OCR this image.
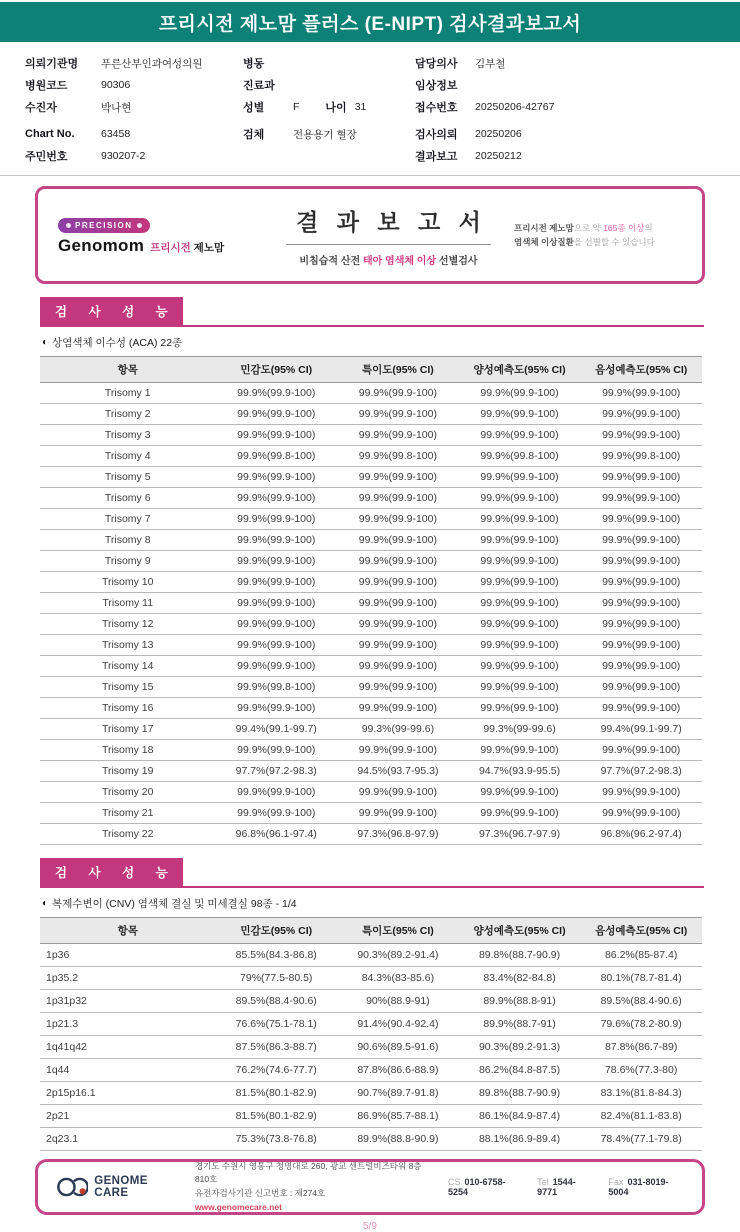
프리시전 제노맘 플러스 (E-NIPT) 검사결과보고서
의뢰기관명	푸른산부인과여성의원
병원코드	90306
수진자	박나현
Chart No.	63458
주민번호	930207-2
병동
진료과
성별	F 나이 31
검체	전용용기 혈장
담당의사	김부철
임상정보
접수번호	20250206-42767
검사의뢰	20250206
결과보고	20250212
PRECISION
Genomom 프리시전 제노맘
결 과 보 고 서
비침습적 산전 태아 염색체 이상 선별검사
프리시전 제노맘으로 약 165종 이상의
염색체 이상질환을 선별할 수 있습니다
검 사 성 능
◐ 상염색체 이수성 (ACA) 22종
항목	민감도(95% CI)	특이도(95% CI)	양성예측도(95% CI)	음성예측도(95% CI)
Trisomy 1	99.9%(99.9-100)	99.9%(99.9-100)	99.9%(99.9-100)	99.9%(99.9-100)
Trisomy 2	99.9%(99.9-100)	99.9%(99.9-100)	99.9%(99.9-100)	99.9%(99.9-100)
Trisomy 3	99.9%(99.9-100)	99.9%(99.9-100)	99.9%(99.9-100)	99.9%(99.9-100)
Trisomy 4	99.9%(99.8-100)	99.9%(99.8-100)	99.9%(99.8-100)	99.9%(99.8-100)
Trisomy 5	99.9%(99.9-100)	99.9%(99.9-100)	99.9%(99.9-100)	99.9%(99.9-100)
Trisomy 6	99.9%(99.9-100)	99.9%(99.9-100)	99.9%(99.9-100)	99.9%(99.9-100)
Trisomy 7	99.9%(99.9-100)	99.9%(99.9-100)	99.9%(99.9-100)	99.9%(99.9-100)
Trisomy 8	99.9%(99.9-100)	99.9%(99.9-100)	99.9%(99.9-100)	99.9%(99.9-100)
Trisomy 9	99.9%(99.9-100)	99.9%(99.9-100)	99.9%(99.9-100)	99.9%(99.9-100)
Trisomy 10	99.9%(99.9-100)	99.9%(99.9-100)	99.9%(99.9-100)	99.9%(99.9-100)
Trisomy 11	99.9%(99.9-100)	99.9%(99.9-100)	99.9%(99.9-100)	99.9%(99.9-100)
Trisomy 12	99.9%(99.9-100)	99.9%(99.9-100)	99.9%(99.9-100)	99.9%(99.9-100)
Trisomy 13	99.9%(99.9-100)	99.9%(99.9-100)	99.9%(99.9-100)	99.9%(99.9-100)
Trisomy 14	99.9%(99.9-100)	99.9%(99.9-100)	99.9%(99.9-100)	99.9%(99.9-100)
Trisomy 15	99.9%(99.8-100)	99.9%(99.9-100)	99.9%(99.9-100)	99.9%(99.9-100)
Trisomy 16	99.9%(99.9-100)	99.9%(99.9-100)	99.9%(99.9-100)	99.9%(99.9-100)
Trisomy 17	99.4%(99.1-99.7)	99.3%(99-99.6)	99.3%(99-99.6)	99.4%(99.1-99.7)
Trisomy 18	99.9%(99.9-100)	99.9%(99.9-100)	99.9%(99.9-100)	99.9%(99.9-100)
Trisomy 19	97.7%(97.2-98.3)	94.5%(93.7-95.3)	94.7%(93.9-95.5)	97.7%(97.2-98.3)
Trisomy 20	99.9%(99.9-100)	99.9%(99.9-100)	99.9%(99.9-100)	99.9%(99.9-100)
Trisomy 21	99.9%(99.9-100)	99.9%(99.9-100)	99.9%(99.9-100)	99.9%(99.9-100)
Trisomy 22	96.8%(96.1-97.4)	97.3%(96.8-97.9)	97.3%(96.7-97.9)	96.8%(96.2-97.4)
검 사 성 능
◐ 복제수변이 (CNV) 염색체 결실 및 미세결실 98종 - 1/4
항목	민감도(95% CI)	특이도(95% CI)	양성예측도(95% CI)	음성예측도(95% CI)
1p36	85.5%(84.3-86.8)	90.3%(89.2-91.4)	89.8%(88.7-90.9)	86.2%(85-87.4)
1p35.2	79%(77.5-80.5)	84.3%(83-85.6)	83.4%(82-84.8)	80.1%(78.7-81.4)
1p31p32	89.5%(88.4-90.6)	90%(88.9-91)	89.9%(88.8-91)	89.5%(88.4-90.6)
1p21.3	76.6%(75.1-78.1)	91.4%(90.4-92.4)	89.9%(88.7-91)	79.6%(78.2-80.9)
1q41q42	87.5%(86.3-88.7)	90.6%(89.5-91.6)	90.3%(89.2-91.3)	87.8%(86.7-89)
1q44	76.2%(74.6-77.7)	87.8%(86.6-88.9)	86.2%(84.8-87.5)	78.6%(77.3-80)
2p15p16.1	81.5%(80.1-82.9)	90.7%(89.7-91.8)	89.8%(88.7-90.9)	83.1%(81.8-84.3)
2p21	81.5%(80.1-82.9)	86.9%(85.7-88.1)	86.1%(84.9-87.4)	82.4%(81.1-83.8)
2q23.1	75.3%(73.8-76.8)	89.9%(88.8-90.9)	88.1%(86.9-89.4)	78.4%(77.1-79.8)
GENOME CARE
경기도 수원시 영통구 청명대로 260, 광교 센트럴비즈타워 8층 810호
유전자검사기관 신고번호 : 제274호
www.genomecare.net
CS 010-6758-5254
Tel 1544-9771
Fax 031-8019-5004
5/9
